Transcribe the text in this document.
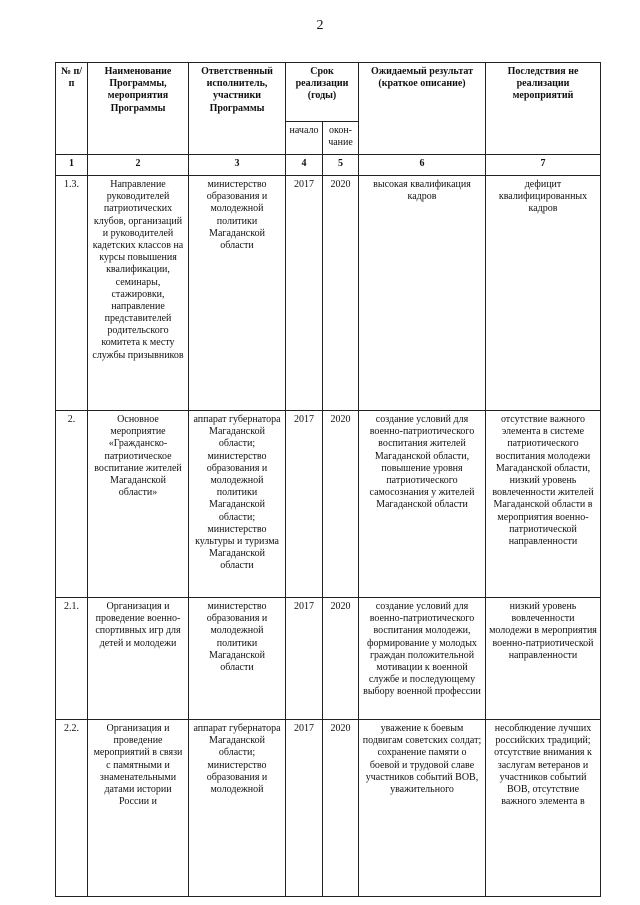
2
№ п/п	Наименование Программы, мероприятия Программы	Ответственный исполнитель, участники Программы	Срок реализации (годы)		Ожидаемый результат (краткое описание)	Последствия не реализации мероприятий
			начало	окон-чание		
1	2	3	4	5	6	7
1.3.	Направление руководителей патриотических клубов, организаций и руководителей кадетских классов на курсы повышения квалификации, семинары, стажировки, направление представителей родительского комитета к месту службы призывников	министерство образования и молодежной политики Магаданской области	2017	2020	высокая квалификация кадров	дефицит квалифицированных кадров
2.	Основное мероприятие «Гражданско-патриотическое воспитание жителей Магаданской области»	аппарат губернатора Магаданской области; министерство образования и молодежной политики Магаданской области; министерство культуры и туризма Магаданской области	2017	2020	создание условий для военно-патриотического воспитания жителей Магаданской области, повышение уровня патриотического самосознания у жителей Магаданской области	отсутствие важного элемента в системе патриотического воспитания молодежи Магаданской области, низкий уровень вовлеченности жителей Магаданской области в мероприятия военно-патриотической направленности
2.1.	Организация и проведение военно-спортивных игр для детей и молодежи	министерство образования и молодежной политики Магаданской области	2017	2020	создание условий для военно-патриотического воспитания молодежи, формирование у молодых граждан положительной мотивации к военной службе и последующему выбору военной профессии	низкий уровень вовлеченности молодежи в мероприятия военно-патриотической направленности
2.2.	Организация и проведение мероприятий в связи с памятными и знаменательными датами истории России и	аппарат губернатора Магаданской области; министерство образования и молодежной	2017	2020	уважение к боевым подвигам советских солдат; сохранение памяти о боевой и трудовой славе участников событий ВОВ, уважительного	несоблюдение лучших российских традиций; отсутствие внимания к заслугам ветеранов и участников событий ВОВ, отсутствие важного элемента в
